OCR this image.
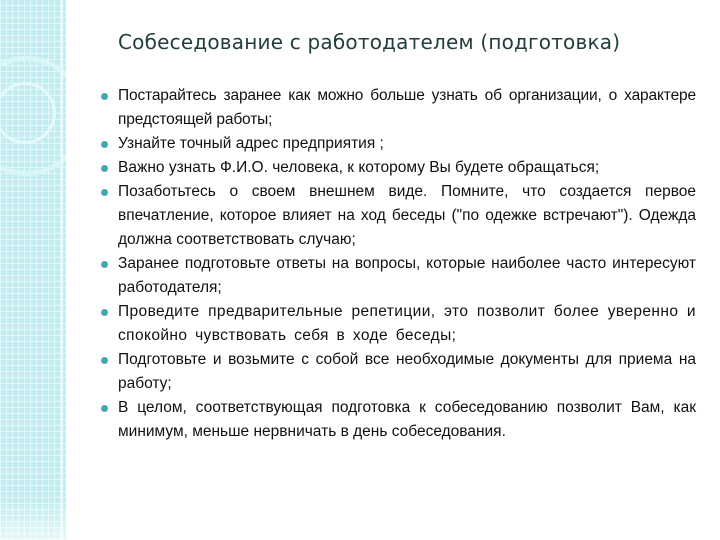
Собеседование с работодателем (подготовка)
Постарайтесь заранее как можно больше узнать об организации, о характере предстоящей работы;
Узнайте точный адрес предприятия ;
Важно узнать Ф.И.О. человека, к которому Вы будете обращаться;
Позаботьтесь о своем внешнем виде. Помните, что создается первое впечатление, которое влияет на ход беседы ("по одежке встречают"). Одежда должна соответствовать случаю;
Заранее подготовьте ответы на вопросы, которые наиболее часто интересуют работодателя;
Проведите предварительные репетиции, это позволит более уверенно и спокойно чувствовать себя в ходе беседы;
Подготовьте и возьмите с собой все необходимые документы для приема на работу;
В целом, соответствующая подготовка к собеседованию позволит Вам, как минимум, меньше нервничать в день собеседования.
